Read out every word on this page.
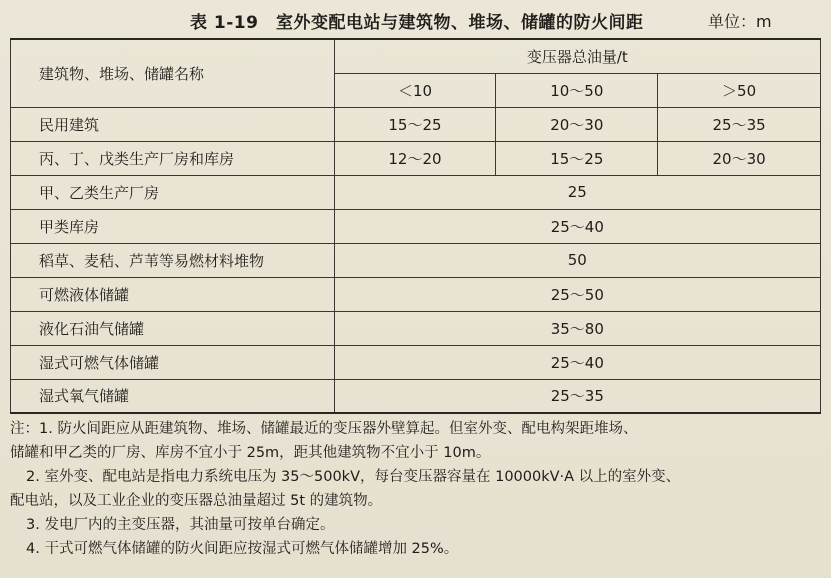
表 1-19　室外变配电站与建筑物、堆场、储罐的防火间距	单位：m
建筑物、堆场、储罐名称	变压器总油量/t		
	＜10	10～50	＞50
民用建筑	15～25	20～30	25～35
丙、丁、戊类生产厂房和库房	12～20	15～25	20～30
甲、乙类生产厂房	25		
甲类库房	25～40		
稻草、麦秸、芦苇等易燃材料堆物	50		
可燃液体储罐	25～50		
液化石油气储罐	35～80		
湿式可燃气体储罐	25～40		
湿式氧气储罐	25～35		
注：1. 防火间距应从距建筑物、堆场、储罐最近的变压器外壁算起。但室外变、配电构架距堆场、
储罐和甲乙类的厂房、库房不宜小于 25m，距其他建筑物不宜小于 10m。
2. 室外变、配电站是指电力系统电压为 35～500kV，每台变压器容量在 10000kV·A 以上的室外变、
配电站，以及工业企业的变压器总油量超过 5t 的建筑物。
3. 发电厂内的主变压器，其油量可按单台确定。
4. 干式可燃气体储罐的防火间距应按湿式可燃气体储罐增加 25%。
